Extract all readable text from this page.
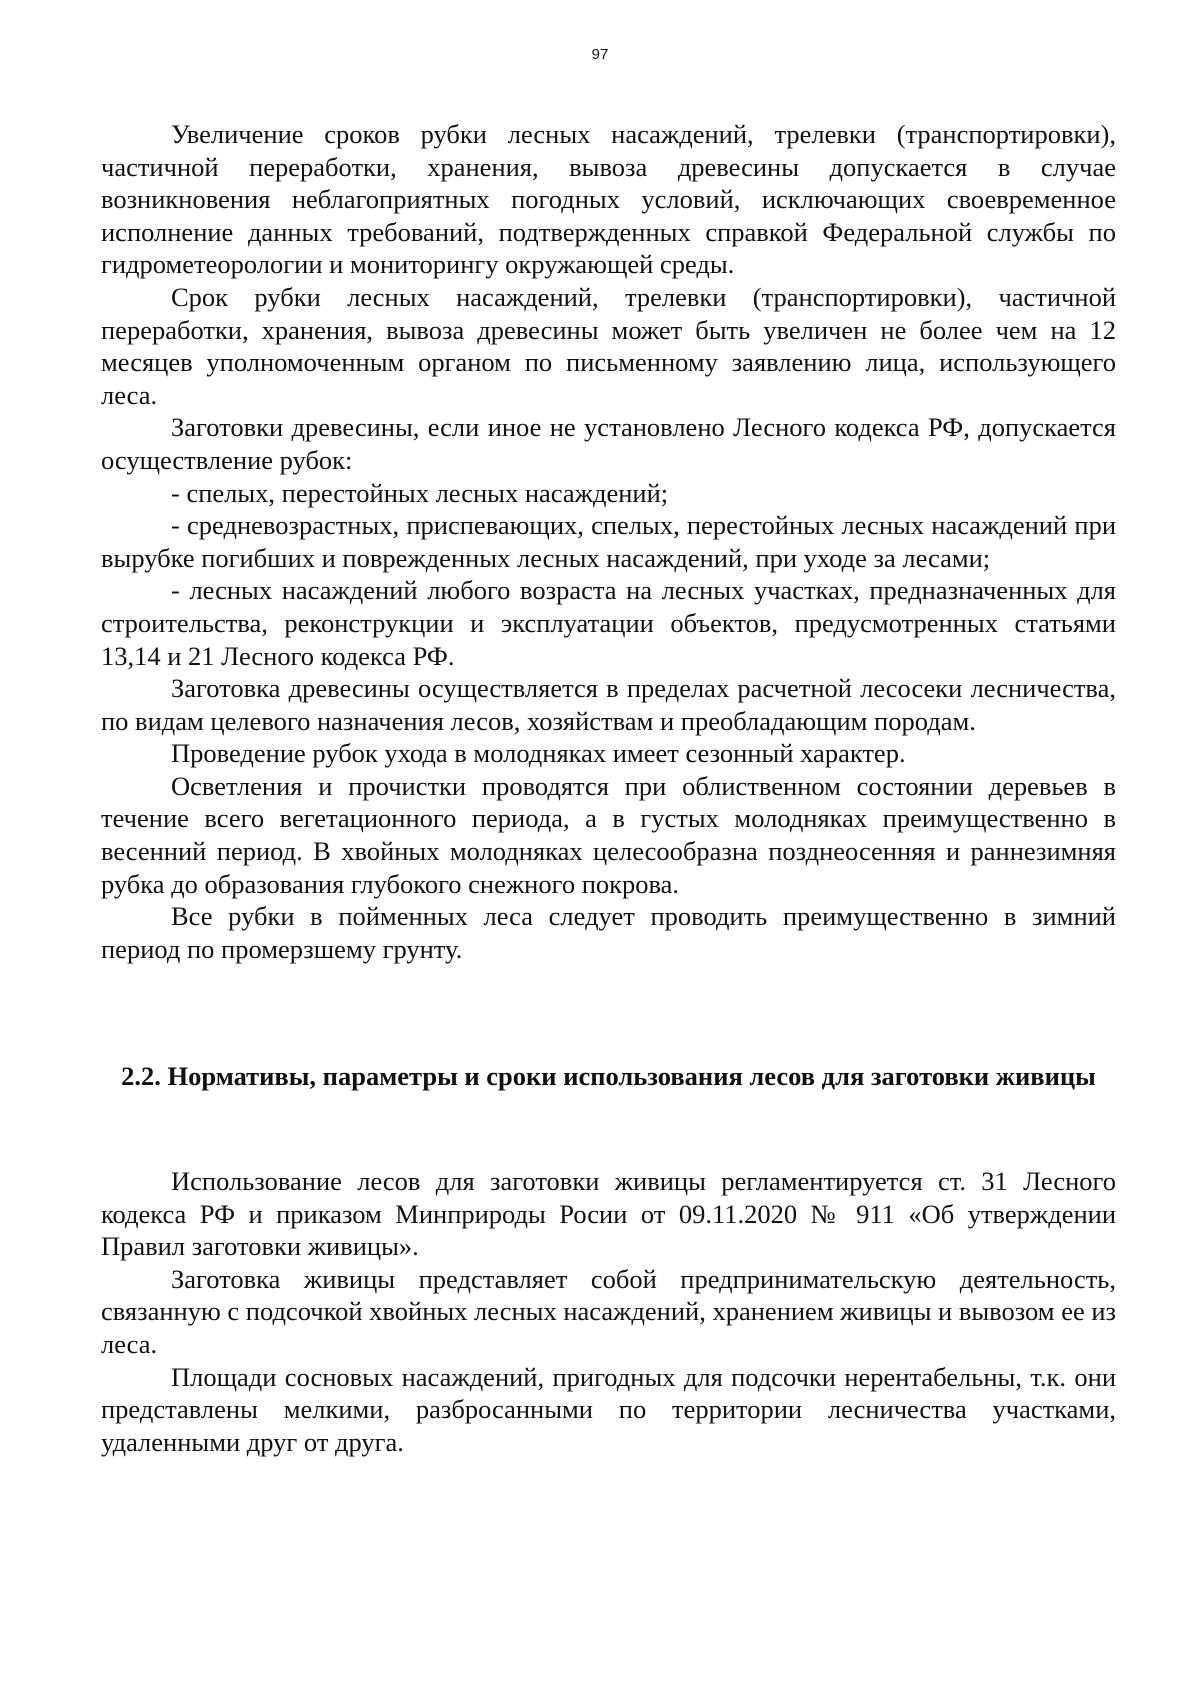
97

Увеличение сроков рубки лесных насаждений, трелевки (транспортировки), частичной переработки, хранения, вывоза древесины допускается в случае возникновения неблагоприятных погодных условий, исключающих своевременное исполнение данных требований, подтвержденных справкой Федеральной службы по гидрометеорологии и мониторингу окружающей среды.

Срок рубки лесных насаждений, трелевки (транспортировки), частичной переработки, хранения, вывоза древесины может быть увеличен не более чем на 12 месяцев уполномоченным органом по письменному заявлению лица, использующего леса.

Заготовки древесины, если иное не установлено Лесного кодекса РФ, допускается осуществление рубок:

- спелых, перестойных лесных насаждений;

- средневозрастных, приспевающих, спелых, перестойных лесных насаждений при вырубке погибших и поврежденных лесных насаждений, при уходе за лесами;

- лесных насаждений любого возраста на лесных участках, предназначенных для строительства, реконструкции и эксплуатации объектов, предусмотренных статьями 13,14 и 21 Лесного кодекса РФ.

Заготовка древесины осуществляется в пределах расчетной лесосеки лесничества, по видам целевого назначения лесов, хозяйствам и преобладающим породам.

Проведение рубок ухода в молодняках имеет сезонный характер.

Осветления и прочистки проводятся при облиственном состоянии деревьев в течение всего вегетационного периода, а в густых молодняках преимущественно в весенний период. В хвойных молодняках целесообразна позднеосенняя и раннезимняя рубка до образования глубокого снежного покрова.

Все рубки в пойменных леса следует проводить преимущественно в зимний период по промерзшему грунту.

2.2. Нормативы, параметры и сроки использования лесов для заготовки живицы

Использование лесов для заготовки живицы регламентируется ст. 31 Лесного кодекса РФ и приказом Минприроды Росии от 09.11.2020 № 911 «Об утверждении Правил заготовки живицы».

Заготовка живицы представляет собой предпринимательскую деятельность, связанную с подсочкой хвойных лесных насаждений, хранением живицы и вывозом ее из леса.

Площади сосновых насаждений, пригодных для подсочки нерентабельны, т.к. они представлены мелкими, разбросанными по территории лесничества участками, удаленными друг от друга.
